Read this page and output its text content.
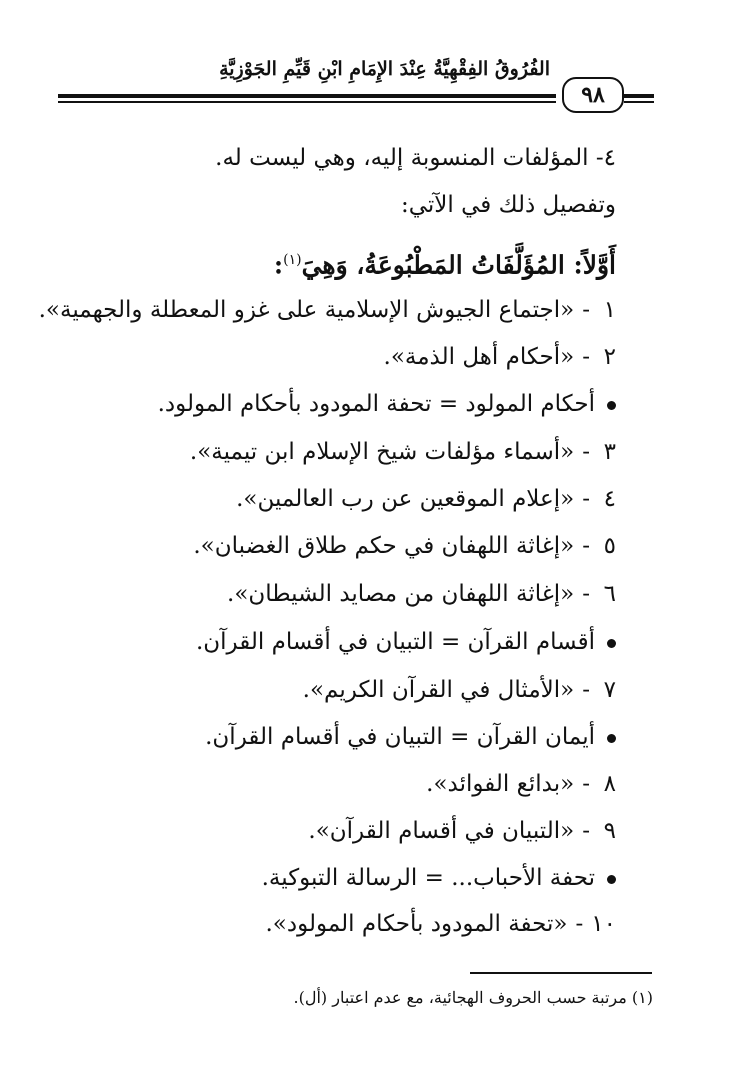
الفُرُوقُ الفِقْهِيَّةُ عِنْدَ الإِمَامِ ابْنِ قَيِّمِ الجَوْزِيَّةِ
٩٨
٤- المؤلفات المنسوبة إليه، وهي ليست له.
وتفصيل ذلك في الآتي:
أَوَّلاً: المُؤَلَّفَاتُ المَطْبُوعَةُ، وَهِيَ$^{(١)}$:
١-«اجتماع الجيوش الإسلامية على غزو المعطلة والجهمية».
٢-«أحكام أهل الذمة».
أحكام المولود = تحفة المودود بأحكام المولود.
٣-«أسماء مؤلفات شيخ الإسلام ابن تيمية».
٤-«إعلام الموقعين عن رب العالمين».
٥-«إغاثة اللهفان في حكم طلاق الغضبان».
٦-«إغاثة اللهفان من مصايد الشيطان».
أقسام القرآن = التبيان في أقسام القرآن.
٧-«الأمثال في القرآن الكريم».
أيمان القرآن = التبيان في أقسام القرآن.
٨-«بدائع الفوائد».
٩-«التبيان في أقسام القرآن».
تحفة الأحباب... = الرسالة التبوكية.
١٠-«تحفة المودود بأحكام المولود».
(١) مرتبة حسب الحروف الهجائية، مع عدم اعتبار (أل).
